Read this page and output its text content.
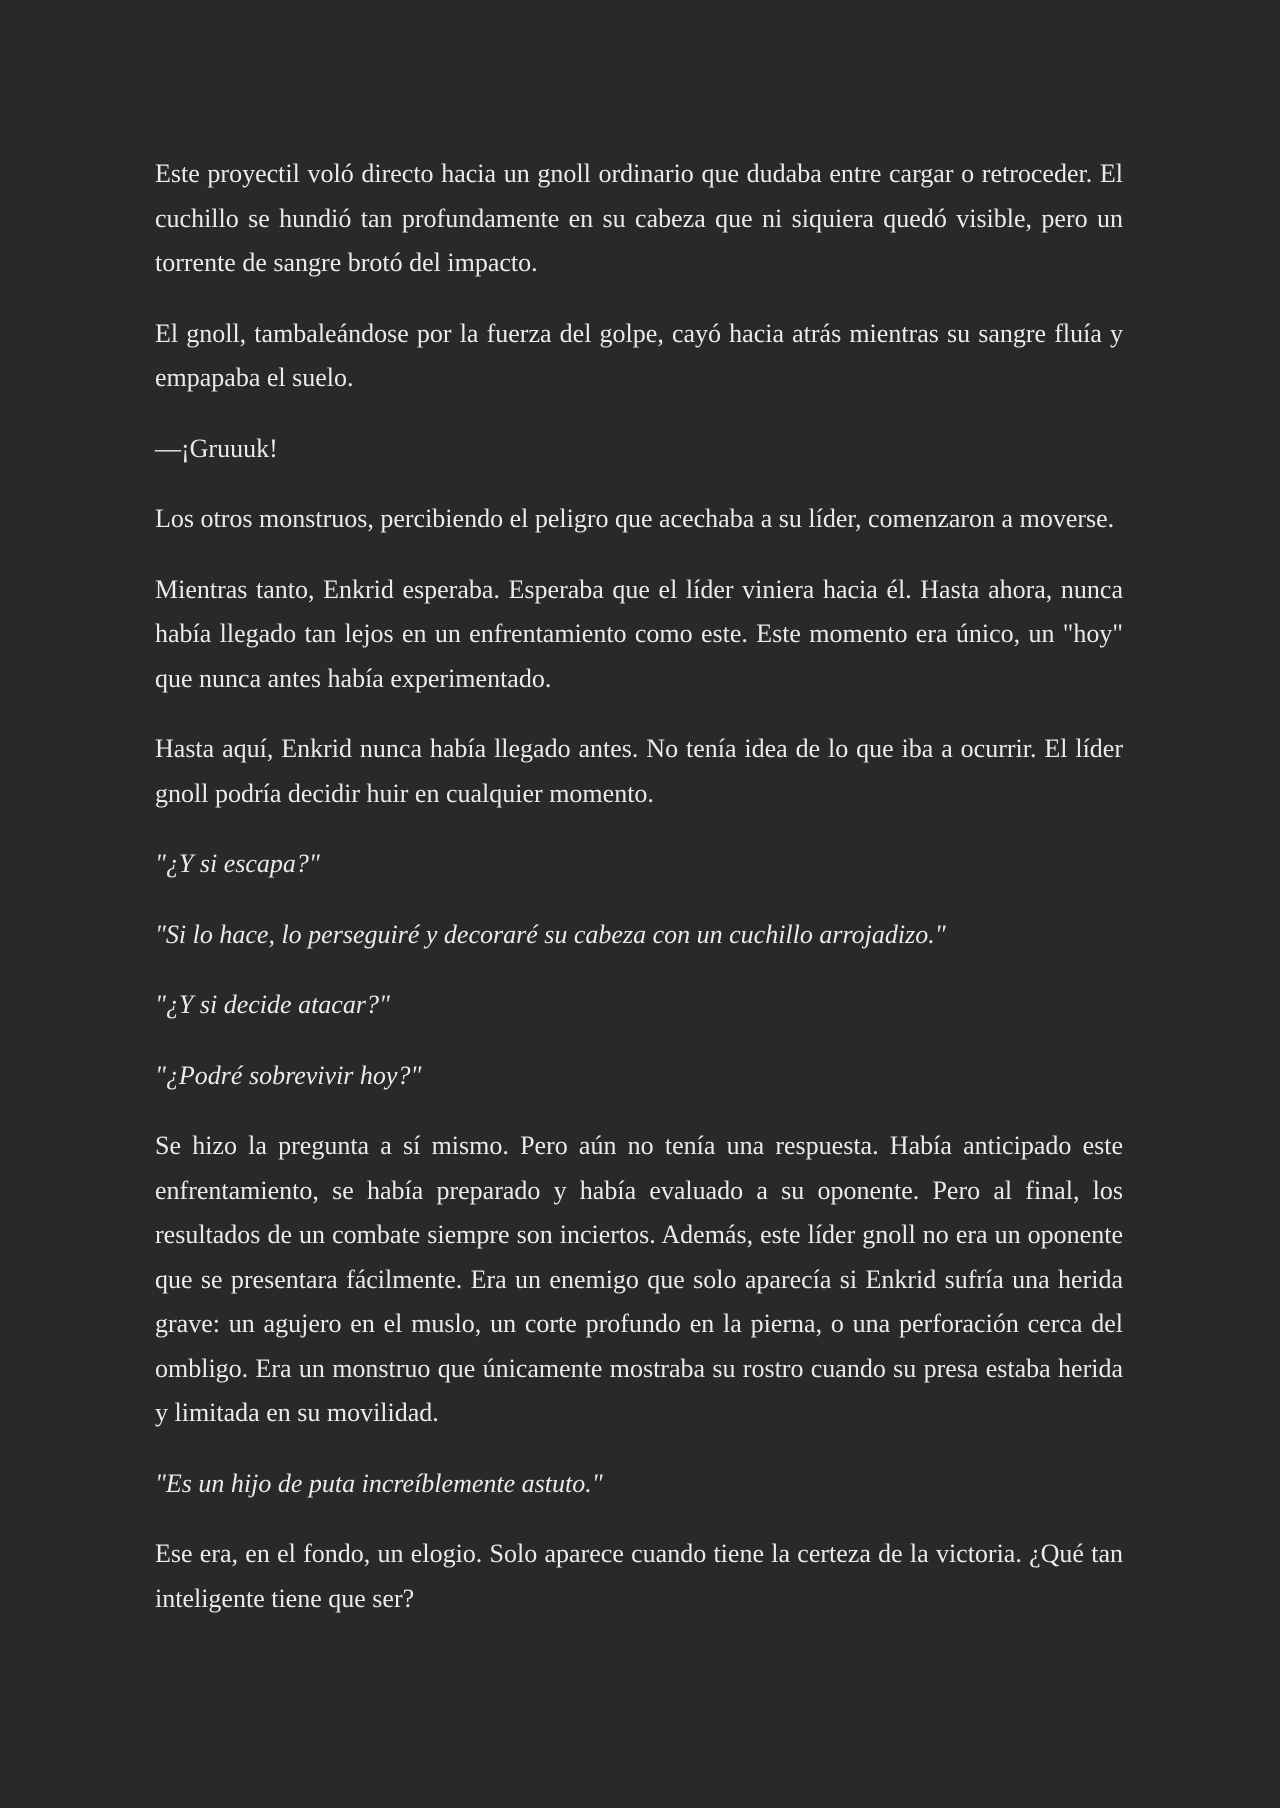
Este proyectil voló directo hacia un gnoll ordinario que dudaba entre cargar o retroceder. El cuchillo se hundió tan profundamente en su cabeza que ni siquiera quedó visible, pero un torrente de sangre brotó del impacto.

El gnoll, tambaleándose por la fuerza del golpe, cayó hacia atrás mientras su sangre fluía y empapaba el suelo.

—¡Gruuuk!

Los otros monstruos, percibiendo el peligro que acechaba a su líder, comenzaron a moverse.

Mientras tanto, Enkrid esperaba. Esperaba que el líder viniera hacia él. Hasta ahora, nunca había llegado tan lejos en un enfrentamiento como este. Este momento era único, un "hoy" que nunca antes había experimentado.

Hasta aquí, Enkrid nunca había llegado antes. No tenía idea de lo que iba a ocurrir. El líder gnoll podría decidir huir en cualquier momento.

"¿Y si escapa?"

"Si lo hace, lo perseguiré y decoraré su cabeza con un cuchillo arrojadizo."

"¿Y si decide atacar?"

"¿Podré sobrevivir hoy?"

Se hizo la pregunta a sí mismo. Pero aún no tenía una respuesta. Había anticipado este enfrentamiento, se había preparado y había evaluado a su oponente. Pero al final, los resultados de un combate siempre son inciertos. Además, este líder gnoll no era un oponente que se presentara fácilmente. Era un enemigo que solo aparecía si Enkrid sufría una herida grave: un agujero en el muslo, un corte profundo en la pierna, o una perforación cerca del ombligo. Era un monstruo que únicamente mostraba su rostro cuando su presa estaba herida y limitada en su movilidad.

"Es un hijo de puta increíblemente astuto."

Ese era, en el fondo, un elogio. Solo aparece cuando tiene la certeza de la victoria. ¿Qué tan inteligente tiene que ser?
